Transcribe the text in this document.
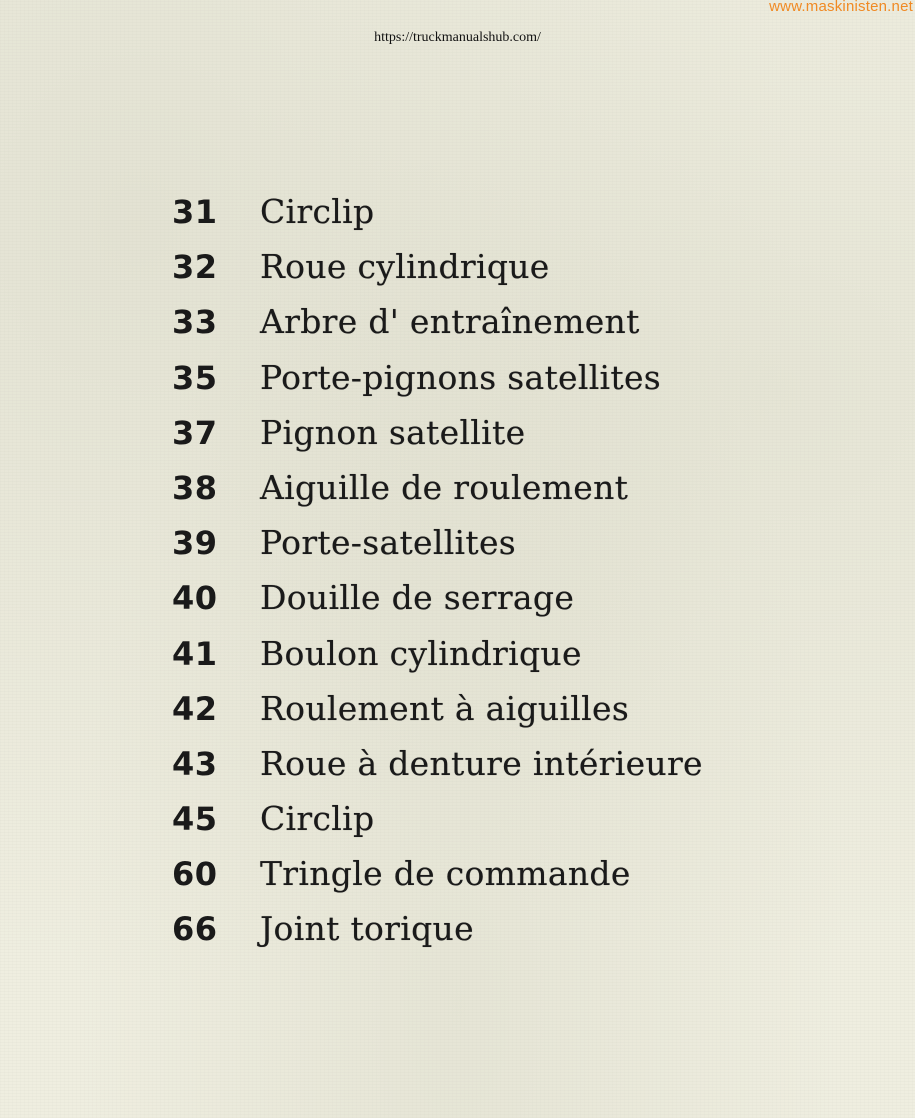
www.maskinisten.net
https://truckmanualshub.com/
31	Circlip
32	Roue cylindrique
33	Arbre d' entraînement
35	Porte-pignons satellites
37	Pignon satellite
38	Aiguille de roulement
39	Porte-satellites
40	Douille de serrage
41	Boulon cylindrique
42	Roulement à aiguilles
43	Roue à denture intérieure
45	Circlip
60	Tringle de commande
66	Joint torique
